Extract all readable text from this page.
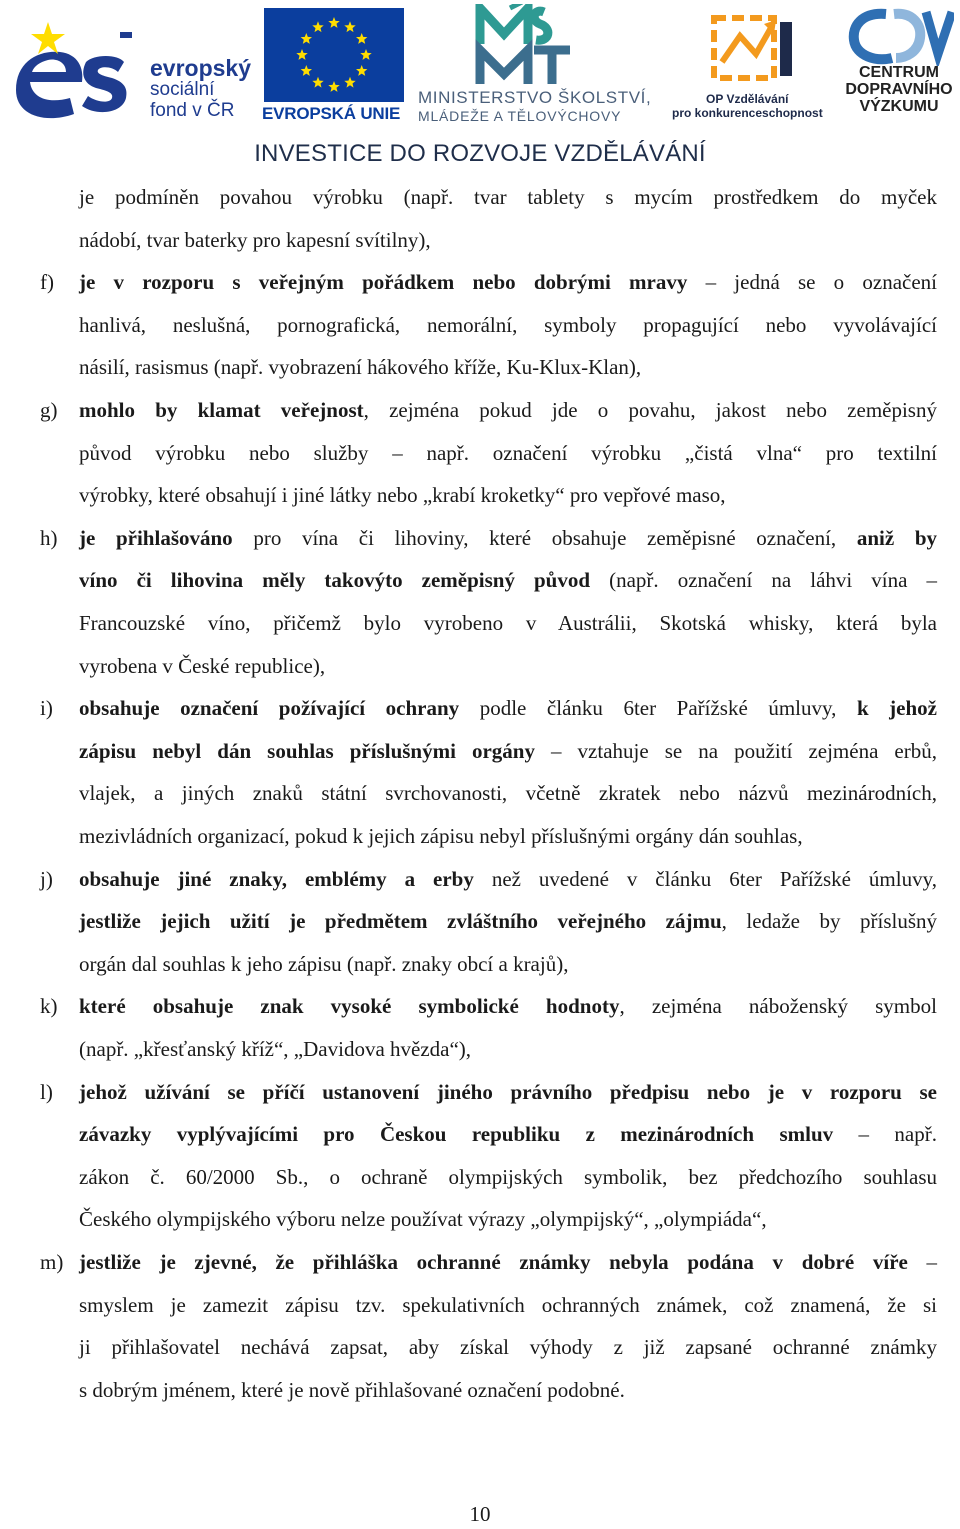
evropský
sociální
fond v ČR	EVROPSKÁ UNIE
MINISTERSTVO ŠKOLSTVÍ,
MLÁDEŽE A TĚLOVÝCHOVY
OP Vzdělávání
pro konkurenceschopnost
CENTRUM
DOPRAVNÍHO
VÝZKUMU
INVESTICE DO ROZVOJE VZDĚLÁVÁNÍ
je podmíněn povahou výrobku (např. tvar tablety s mycím prostředkem do myček
nádobí, tvar baterky pro kapesní svítilny),
f) je v rozporu s veřejným pořádkem nebo dobrými mravy – jedná se o označení
hanlivá, neslušná, pornografická, nemorální, symboly propagující nebo vyvolávající
násilí, rasismus (např. vyobrazení hákového kříže, Ku-Klux-Klan),
g) mohlo by klamat veřejnost, zejména pokud jde o povahu, jakost nebo zeměpisný
původ výrobku nebo služby – např. označení výrobku „čistá vlna“ pro textilní
výrobky, které obsahují i jiné látky nebo „krabí kroketky“ pro vepřové maso,
h) je přihlašováno pro vína či lihoviny, které obsahuje zeměpisné označení, aniž by
víno či lihovina měly takovýto zeměpisný původ (např. označení na láhvi vína –
Francouzské víno, přičemž bylo vyrobeno v Austrálii, Skotská whisky, která byla
vyrobena v České republice),
i) obsahuje označení požívající ochrany podle článku 6ter Pařížské úmluvy, k jehož
zápisu nebyl dán souhlas příslušnými orgány – vztahuje se na použití zejména erbů,
vlajek, a jiných znaků státní svrchovanosti, včetně zkratek nebo názvů mezinárodních,
mezivládních organizací, pokud k jejich zápisu nebyl příslušnými orgány dán souhlas,
j) obsahuje jiné znaky, emblémy a erby než uvedené v článku 6ter Pařížské úmluvy,
jestliže jejich užití je předmětem zvláštního veřejného zájmu, ledaže by příslušný
orgán dal souhlas k jeho zápisu (např. znaky obcí a krajů),
k) které obsahuje znak vysoké symbolické hodnoty, zejména náboženský symbol
(např. „křesťanský kříž“, „Davidova hvězda“),
l) jehož užívání se příčí ustanovení jiného právního předpisu nebo je v rozporu se
závazky vyplývajícími pro Českou republiku z mezinárodních smluv – např.
zákon č. 60/2000 Sb., o ochraně olympijských symbolik, bez předchozího souhlasu
Českého olympijského výboru nelze používat výrazy „olympijský“, „olympiáda“,
m) jestliže je zjevné, že přihláška ochranné známky nebyla podána v dobré víře –
smyslem je zamezit zápisu tzv. spekulativních ochranných známek, což znamená, že si
ji přihlašovatel nechává zapsat, aby získal výhody z již zapsané ochranné známky
s dobrým jménem, které je nově přihlašované označení podobné.
10
